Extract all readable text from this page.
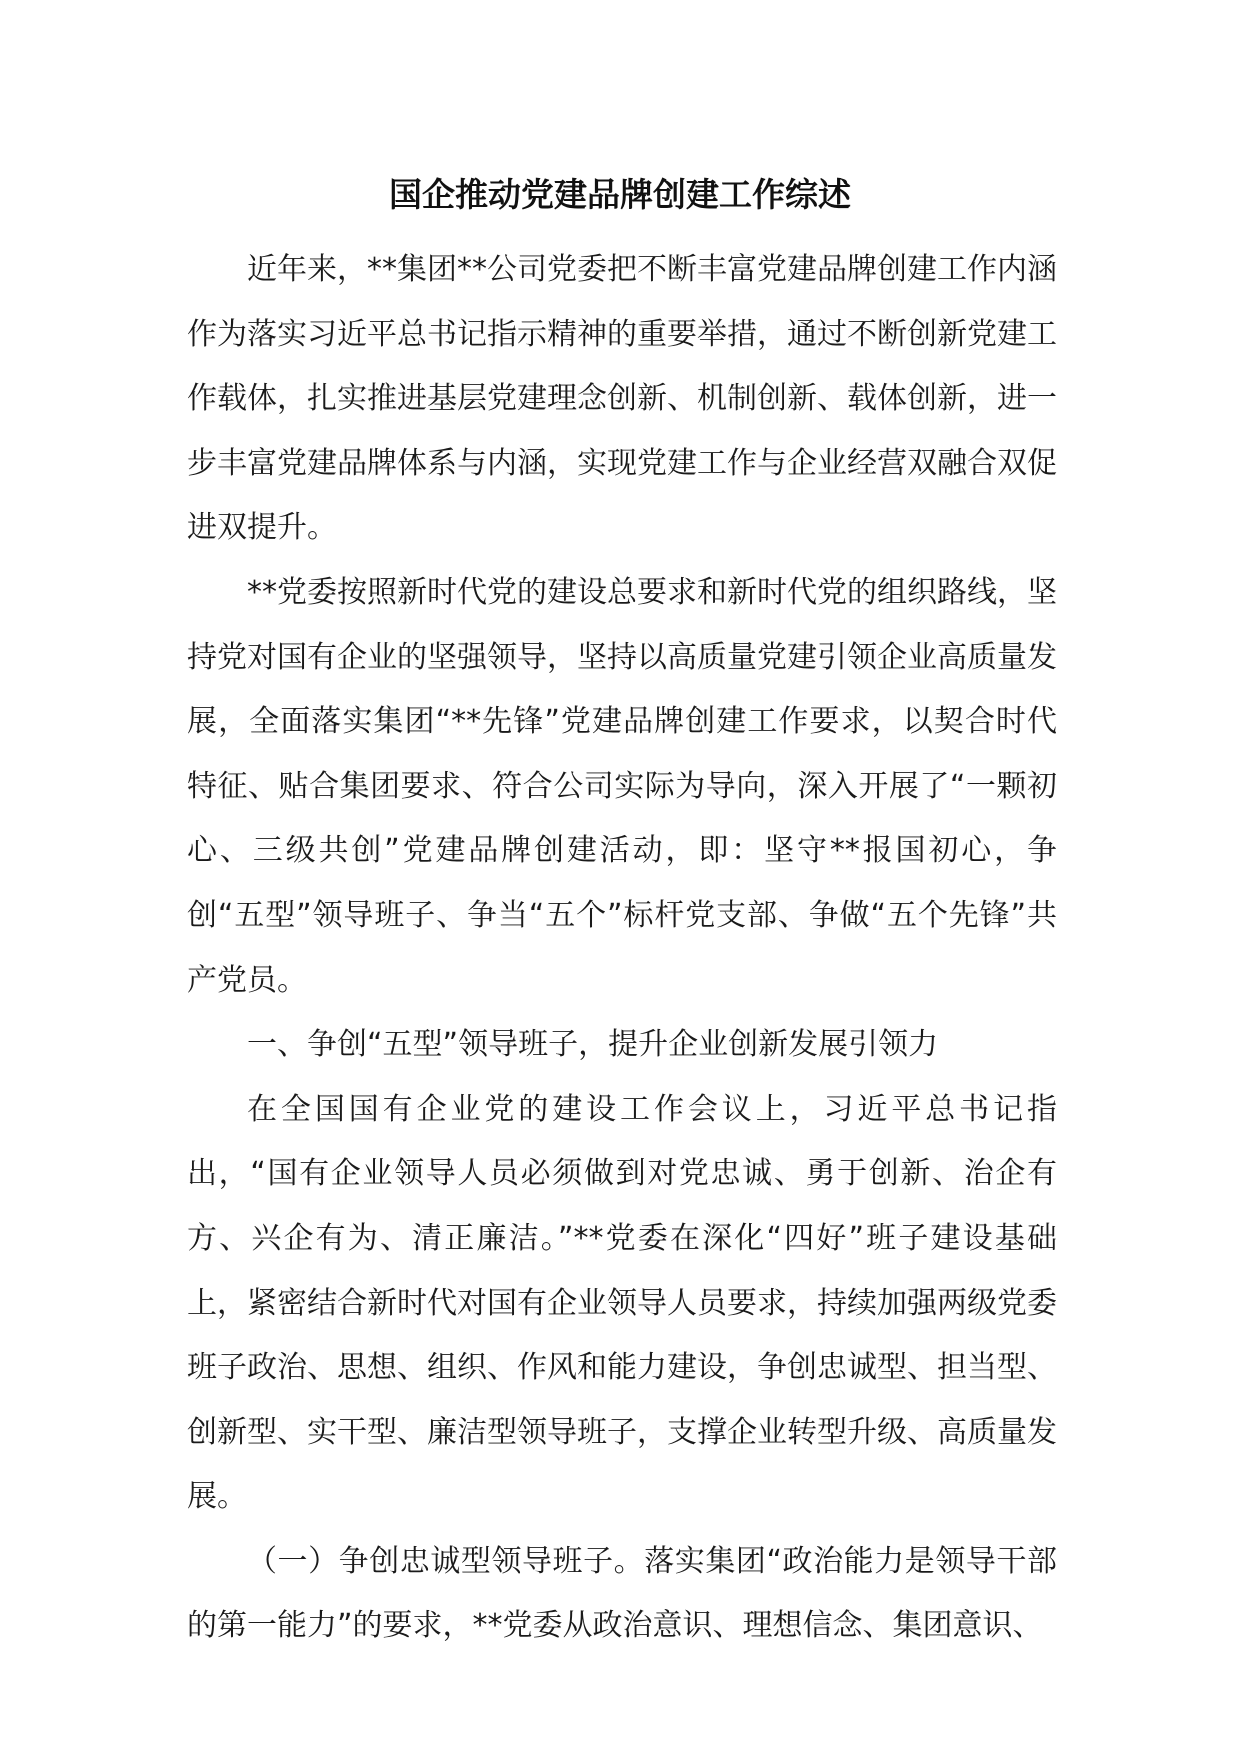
国企推动党建品牌创建工作综述

近年来，**集团**公司党委把不断丰富党建品牌创建工作内涵作为落实习近平总书记指示精神的重要举措，通过不断创新党建工作载体，扎实推进基层党建理念创新、机制创新、载体创新，进一步丰富党建品牌体系与内涵，实现党建工作与企业经营双融合双促进双提升。

**党委按照新时代党的建设总要求和新时代党的组织路线，坚持党对国有企业的坚强领导，坚持以高质量党建引领企业高质量发展，全面落实集团“**先锋”党建品牌创建工作要求，以契合时代特征、贴合集团要求、符合公司实际为导向，深入开展了“一颗初心、三级共创”党建品牌创建活动，即：坚守**报国初心，争创“五型”领导班子、争当“五个”标杆党支部、争做“五个先锋”共产党员。

一、争创“五型”领导班子，提升企业创新发展引领力

在全国国有企业党的建设工作会议上，习近平总书记指出，“国有企业领导人员必须做到对党忠诚、勇于创新、治企有方、兴企有为、清正廉洁。”**党委在深化“四好”班子建设基础上，紧密结合新时代对国有企业领导人员要求，持续加强两级党委班子政治、思想、组织、作风和能力建设，争创忠诚型、担当型、创新型、实干型、廉洁型领导班子，支撑企业转型升级、高质量发展。

（一）争创忠诚型领导班子。落实集团“政治能力是领导干部的第一能力”的要求，**党委从政治意识、理想信念、集团意识、
